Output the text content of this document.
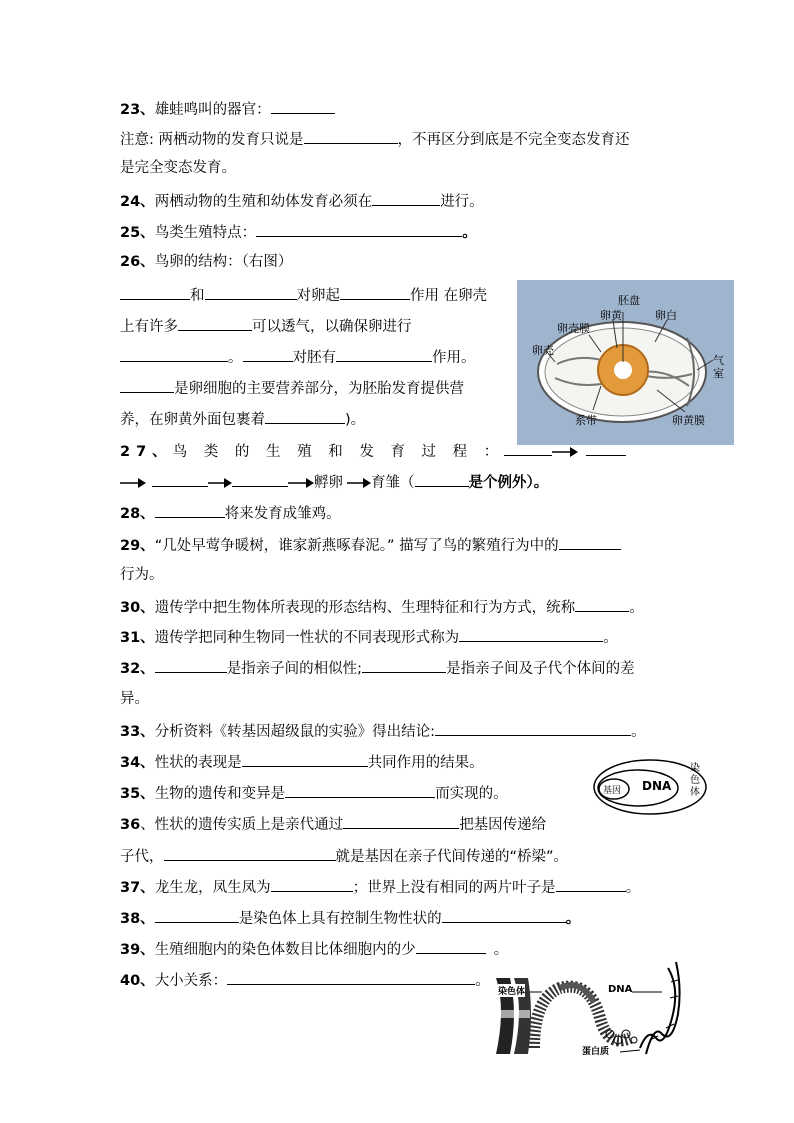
23、雄蛙鸣叫的器官：
注意: 两栖动物的发育只说是	，不再区分到底是不完全变态发育还
是完全变态发育。
24、两栖动物的生殖和幼体发育必须在	进行。
25、鸟类生殖特点：	。
26、鸟卵的结构：（右图）
和	对卵起	作用 在卵壳
上有许多	可以透气，以确保卵进行
。	对胚有	作用。
是卵细胞的主要营养部分，为胚胎发育提供营
养，在卵黄外面包裹着	)。
胚盘
卵黄	卵白
卵壳膜
卵壳
气室
系带	卵黄膜
27、鸟 类 的 生 殖 和 发 育 过 程 ：
孵卵 育雏（	是个例外）。
28、	将来发育成雏鸡。
29、“几处早莺争暖树，谁家新燕啄春泥。” 描写了鸟的繁殖行为中的
行为。
30、遗传学中把生物体所表现的形态结构、生理特征和行为方式，统称	。
31、遗传学把同种生物同一性状的不同表现形式称为	。
32、	是指亲子间的相似性;	是指亲子间及子代个体间的差
异。
33、分析资料《转基因超级鼠的实验》得出结论:	。
34、性状的表现是	共同作用的结果。
基因 DNA
染色体
35、生物的遗传和变异是	而实现的。
36、性状的遗传实质上是亲代通过	把基因传递给
子代，	就是基因在亲子代间传递的“桥梁”。
37、龙生龙，凤生凤为	；世界上没有相同的两片叶子是	。
38、	是染色体上具有控制生物性状的	。
39、生殖细胞内的染色体数目比体细胞内的少	。
40、大小关系：	。
染色体	DNA
蛋白质
